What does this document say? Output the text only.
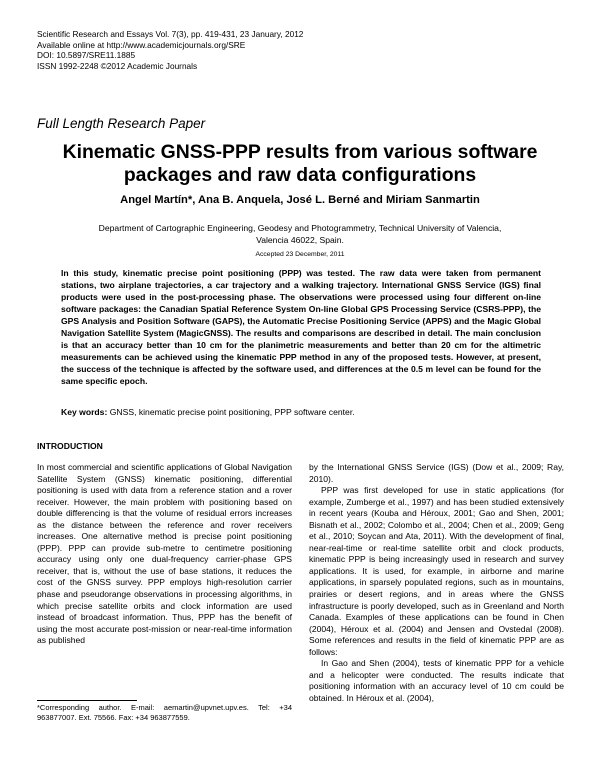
Scientific Research and Essays Vol. 7(3), pp. 419-431, 23 January, 2012
Available online at http://www.academicjournals.org/SRE
DOI: 10.5897/SRE11.1885
ISSN 1992-2248 ©2012 Academic Journals
Full Length Research Paper
Kinematic GNSS-PPP results from various software packages and raw data configurations
Angel Martín*, Ana B. Anquela, José L. Berné and Miriam Sanmartin
Department of Cartographic Engineering, Geodesy and Photogrammetry, Technical University of Valencia, Valencia 46022, Spain.
Accepted 23 December, 2011

In this study, kinematic precise point positioning (PPP) was tested. The raw data were taken from permanent stations, two airplane trajectories, a car trajectory and a walking trajectory. International GNSS Service (IGS) final products were used in the post-processing phase. The observations were processed using four different on-line software packages: the Canadian Spatial Reference System On-line Global GPS Processing Service (CSRS-PPP), the GPS Analysis and Position Software (GAPS), the Automatic Precise Positioning Service (APPS) and the Magic Global Navigation Satellite System (MagicGNSS). The results and comparisons are described in detail. The main conclusion is that an accuracy better than 10 cm for the planimetric measurements and better than 20 cm for the altimetric measurements can be achieved using the kinematic PPP method in any of the proposed tests. However, at present, the success of the technique is affected by the software used, and differences at the 0.5 m level can be found for the same specific epoch.

Key words: GNSS, kinematic precise point positioning, PPP software center.

INTRODUCTION

In most commercial and scientific applications of Global Navigation Satellite System (GNSS) kinematic positioning, differential positioning is used with data from a reference station and a rover receiver. However, the main problem with positioning based on double differencing is that the volume of residual errors increases as the distance between the reference and rover receivers increases. One alternative method is precise point positioning (PPP). PPP can provide sub-metre to centimetre positioning accuracy using only one dual-frequency carrier-phase GPS receiver, that is, without the use of base stations, it reduces the cost of the GNSS survey. PPP employs high-resolution carrier phase and pseudorange observations in processing algorithms, in which precise satellite orbits and clock information are used instead of broadcast information. Thus, PPP has the benefit of using the most accurate post-mission or near-real-time information as published

by the International GNSS Service (IGS) (Dow et al., 2009; Ray, 2010).

PPP was first developed for use in static applications (for example, Zumberge et al., 1997) and has been studied extensively in recent years (Kouba and Héroux, 2001; Gao and Shen, 2001; Bisnath et al., 2002; Colombo et al., 2004; Chen et al., 2009; Geng et al., 2010; Soycan and Ata, 2011). With the development of final, near-real-time or real-time satellite orbit and clock products, kinematic PPP is being increasingly used in research and survey applications. It is used, for example, in airborne and marine applications, in sparsely populated regions, such as in mountains, prairies or desert regions, and in areas where the GNSS infrastructure is poorly developed, such as in Greenland and North Canada. Examples of these applications can be found in Chen (2004), Héroux et al. (2004) and Jensen and Ovstedal (2008). Some references and results in the field of kinematic PPP are as follows:

In Gao and Shen (2004), tests of kinematic PPP for a vehicle and a helicopter were conducted. The results indicate that positioning information with an accuracy level of 10 cm could be obtained. In Héroux et al. (2004),

*Corresponding author. E-mail: aemartin@upvnet.upv.es. Tel: +34 963877007. Ext. 75566. Fax: +34 963877559.
